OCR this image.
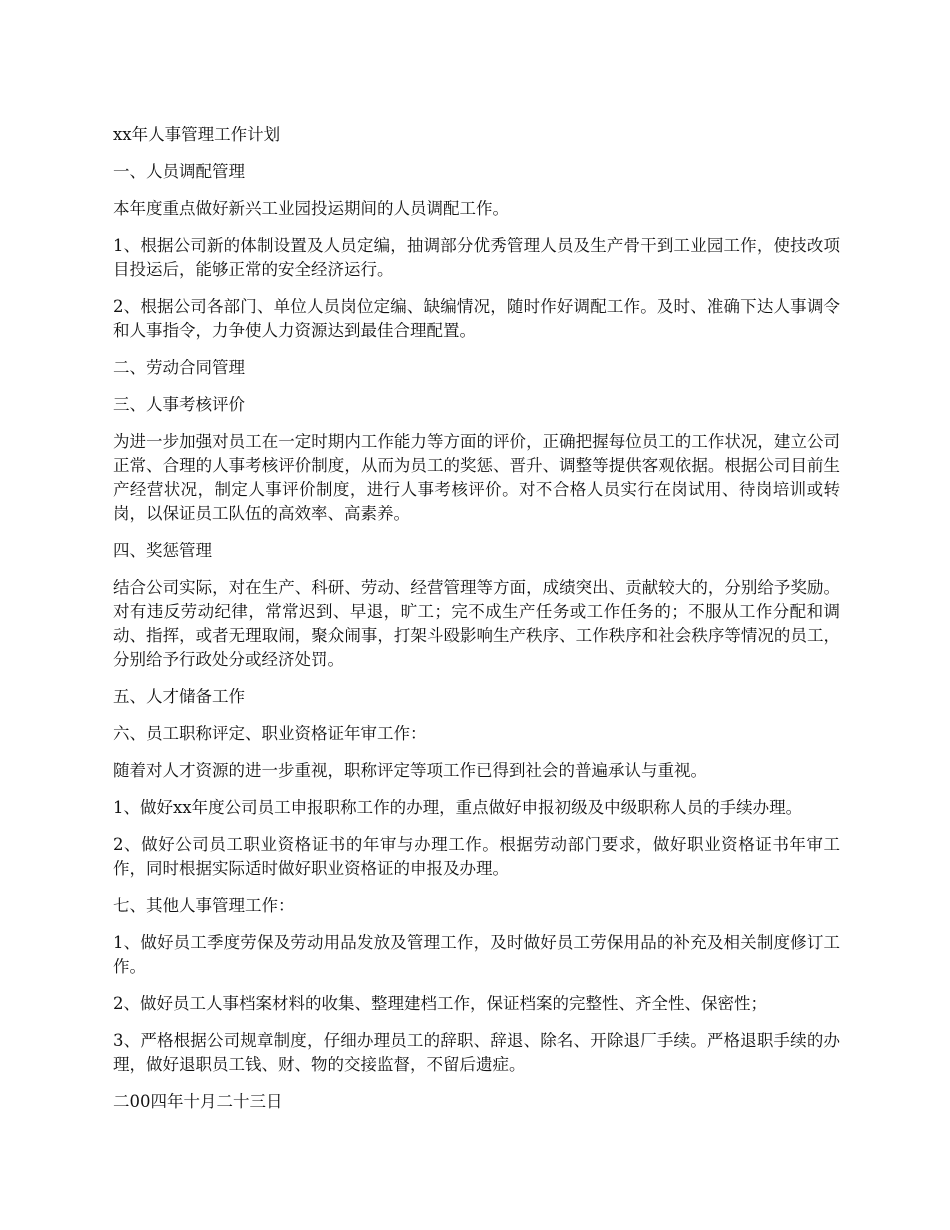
xx年人事管理工作计划

一、人员调配管理

本年度重点做好新兴工业园投运期间的人员调配工作。

1、根据公司新的体制设置及人员定编，抽调部分优秀管理人员及生产骨干到工业园工作，使技改项目投运后，能够正常的安全经济运行。

2、根据公司各部门、单位人员岗位定编、缺编情况，随时作好调配工作。及时、准确下达人事调令和人事指令，力争使人力资源达到最佳合理配置。

二、劳动合同管理

三、人事考核评价

为进一步加强对员工在一定时期内工作能力等方面的评价，正确把握每位员工的工作状况，建立公司正常、合理的人事考核评价制度，从而为员工的奖惩、晋升、调整等提供客观依据。根据公司目前生产经营状况，制定人事评价制度，进行人事考核评价。对不合格人员实行在岗试用、待岗培训或转岗，以保证员工队伍的高效率、高素养。

四、奖惩管理

结合公司实际，对在生产、科研、劳动、经营管理等方面，成绩突出、贡献较大的，分别给予奖励。对有违反劳动纪律，常常迟到、早退，旷工；完不成生产任务或工作任务的；不服从工作分配和调动、指挥，或者无理取闹，聚众闹事，打架斗殴影响生产秩序、工作秩序和社会秩序等情况的员工，分别给予行政处分或经济处罚。

五、人才储备工作

六、员工职称评定、职业资格证年审工作：

随着对人才资源的进一步重视，职称评定等项工作已得到社会的普遍承认与重视。

1、做好xx年度公司员工申报职称工作的办理，重点做好申报初级及中级职称人员的手续办理。

2、做好公司员工职业资格证书的年审与办理工作。根据劳动部门要求，做好职业资格证书年审工作，同时根据实际适时做好职业资格证的申报及办理。

七、其他人事管理工作：

1、做好员工季度劳保及劳动用品发放及管理工作，及时做好员工劳保用品的补充及相关制度修订工作。

2、做好员工人事档案材料的收集、整理建档工作，保证档案的完整性、齐全性、保密性；

3、严格根据公司规章制度，仔细办理员工的辞职、辞退、除名、开除退厂手续。严格退职手续的办理，做好退职员工钱、财、物的交接监督，不留后遗症。

二00四年十月二十三日
